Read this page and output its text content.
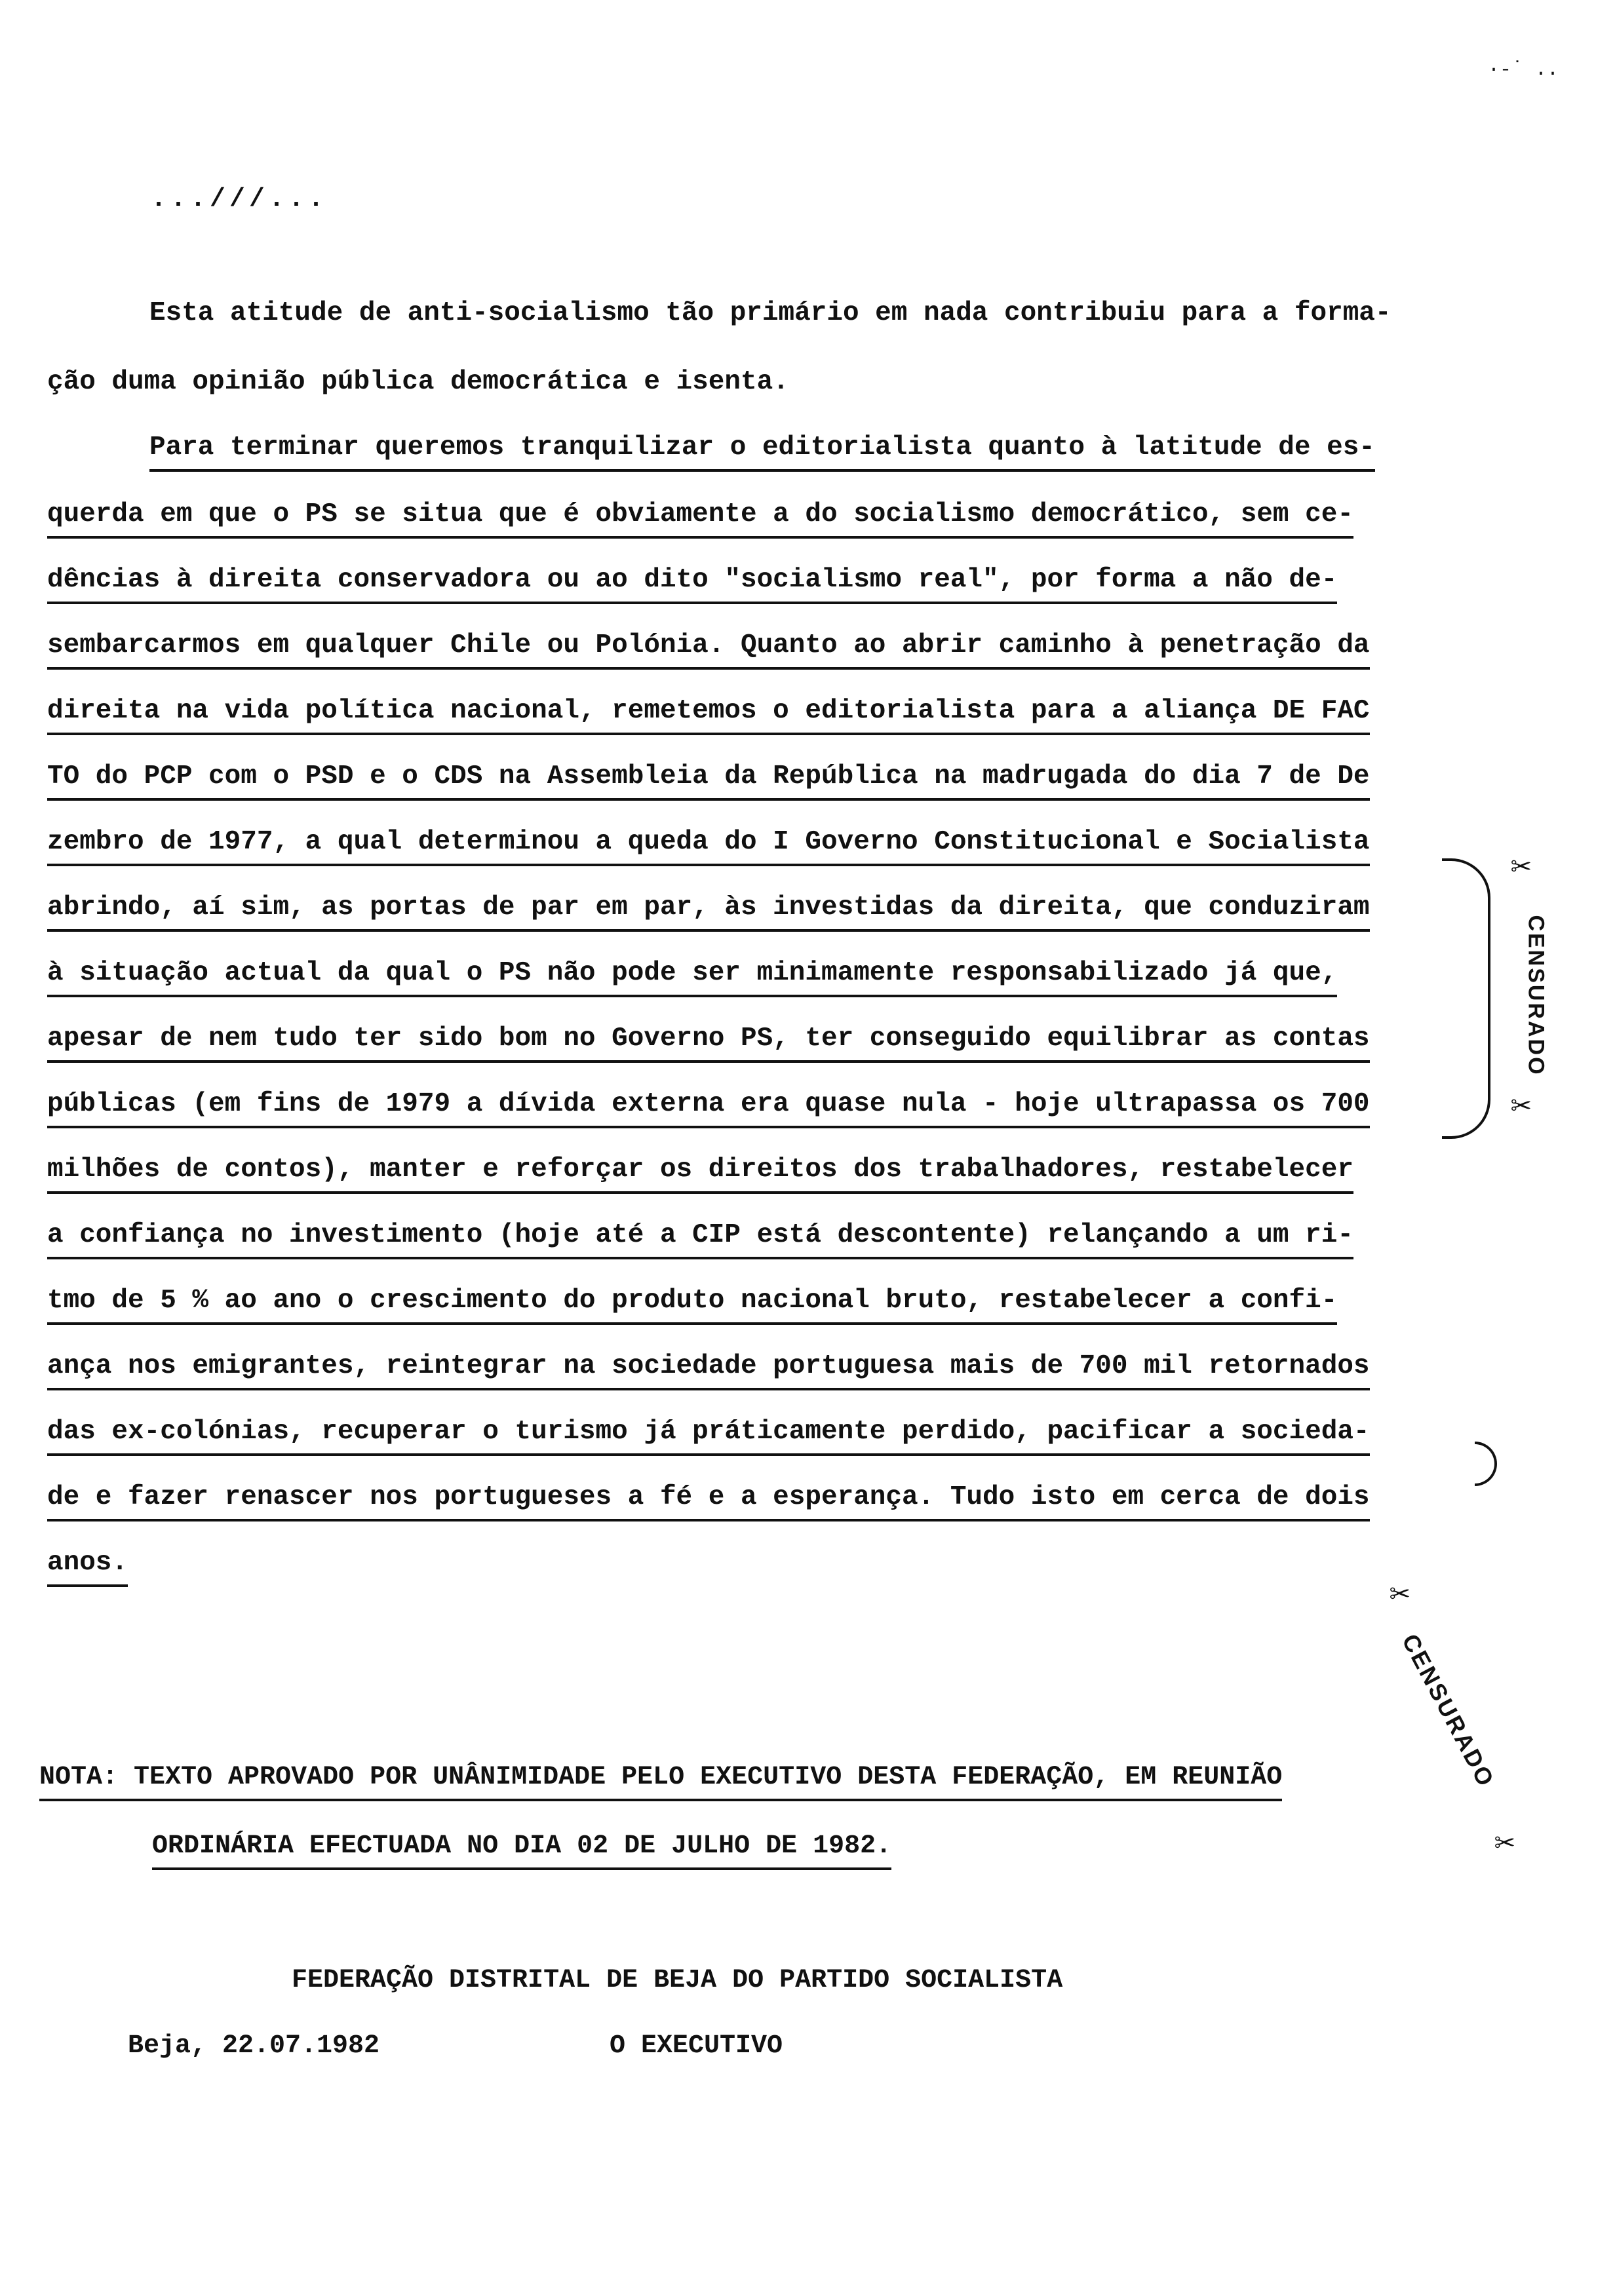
·-˙ ..
...///...
Esta atitude de anti-socialismo tão primário em nada contribuiu para a forma-
ção duma opinião pública democrática e isenta.
Para terminar queremos tranquilizar o editorialista quanto à latitude de es-
querda em que o PS se situa que é obviamente a do socialismo democrático, sem ce-
dências à direita conservadora ou ao dito "socialismo real", por forma a não de-
sembarcarmos em qualquer Chile ou Polónia. Quanto ao abrir caminho à penetração da
direita na vida política nacional, remetemos o editorialista para a aliança DE FAC
TO do PCP com o PSD e o CDS na Assembleia da República na madrugada do dia 7 de De
zembro de 1977, a qual determinou a queda do I Governo Constitucional e Socialista
abrindo, aí sim, as portas de par em par, às investidas da direita, que conduziram
à situação actual da qual o PS não pode ser minimamente responsabilizado já que,
apesar de nem tudo ter sido bom no Governo PS, ter conseguido equilibrar as contas
públicas (em fins de 1979 a dívida externa era quase nula - hoje ultrapassa os 700
milhões de contos), manter e reforçar os direitos dos trabalhadores, restabelecer
a confiança no investimento (hoje até a CIP está descontente) relançando a um ri-
tmo de 5 % ao ano o crescimento do produto nacional bruto, restabelecer a confi-
ança nos emigrantes, reintegrar na sociedade portuguesa mais de 700 mil retornados
das ex-colónias, recuperar o turismo já práticamente perdido, pacificar a socieda-
de e fazer renascer nos portugueses a fé e a esperança. Tudo isto em cerca de dois
anos.
✂
CENSURADO
✂
✂
CENSURADO
✂
NOTA: TEXTO APROVADO POR UNÂNIMIDADE PELO EXECUTIVO DESTA FEDERAÇÃO, EM REUNIÃO
ORDINÁRIA EFECTUADA NO DIA 02 DE JULHO DE 1982.
FEDERAÇÃO DISTRITAL DE BEJA DO PARTIDO SOCIALISTA
Beja, 22.07.1982	O EXECUTIVO
